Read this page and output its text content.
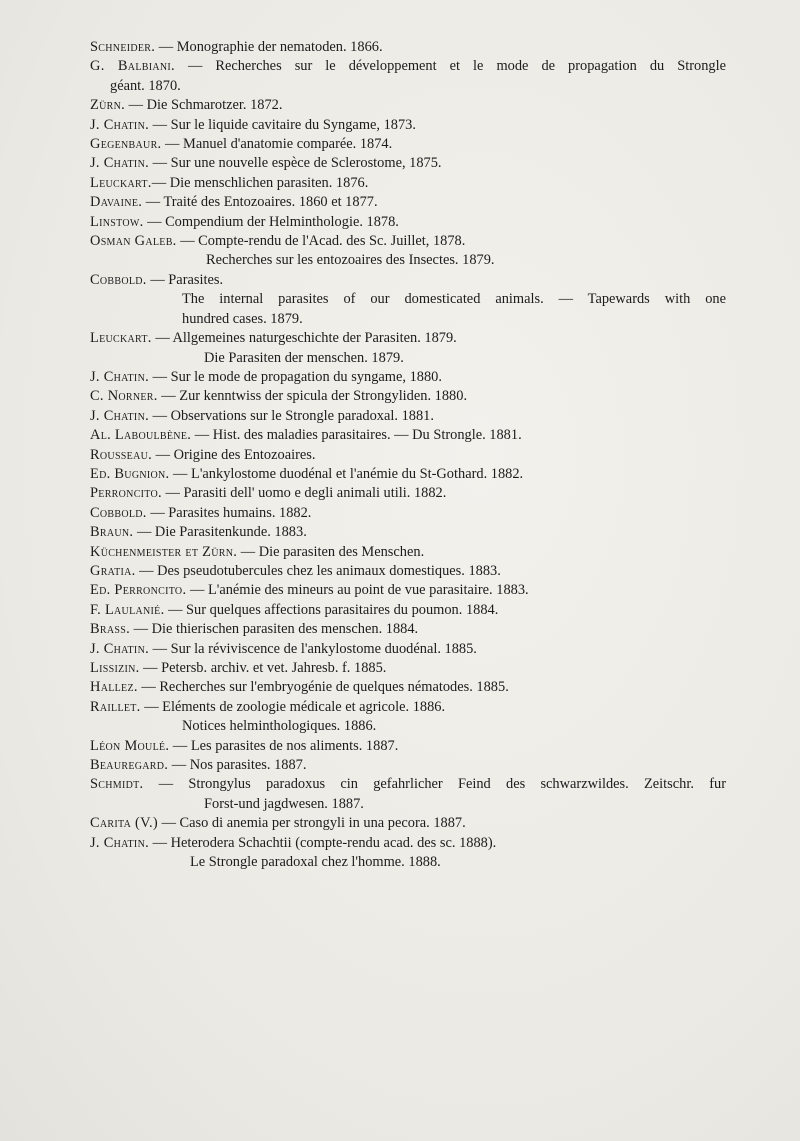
Schneider. — Monographie der nematoden. 1866.

G. Balbiani. — Recherches sur le développement et le mode de propagation du Strongle
géant. 1870.

Zürn. — Die Schmarotzer. 1872.

J. Chatin. — Sur le liquide cavitaire du Syngame, 1873.

Gegenbaur. — Manuel d'anatomie comparée. 1874.

J. Chatin. — Sur une nouvelle espèce de Sclerostome, 1875.

Leuckart.— Die menschlichen parasiten. 1876.

Davaine. — Traité des Entozoaires. 1860 et 1877.

Linstow. — Compendium der Helminthologie. 1878.

Osman Galeb. — Compte-rendu de l'Acad. des Sc. Juillet, 1878.
Recherches sur les entozoaires des Insectes. 1879.

Cobbold. — Parasites.
The internal parasites of our domesticated animals. — Tapewards with one
hundred cases. 1879.

Leuckart. — Allgemeines naturgeschichte der Parasiten. 1879.
Die Parasiten der menschen. 1879.

J. Chatin. — Sur le mode de propagation du syngame, 1880.

C. Norner. — Zur kenntwiss der spicula der Strongyliden. 1880.

J. Chatin. — Observations sur le Strongle paradoxal. 1881.

Al. Laboulbène. — Hist. des maladies parasitaires. — Du Strongle. 1881.

Rousseau. — Origine des Entozoaires.

Ed. Bugnion. — L'ankylostome duodénal et l'anémie du St-Gothard. 1882.

Perroncito. — Parasiti dell' uomo e degli animali utili. 1882.

Cobbold. — Parasites humains. 1882.

Braun. — Die Parasitenkunde. 1883.

Küchenmeister et Zürn. — Die parasiten des Menschen.

Gratia. — Des pseudotubercules chez les animaux domestiques. 1883.

Ed. Perroncito. — L'anémie des mineurs au point de vue parasitaire. 1883.

F. Laulanié. — Sur quelques affections parasitaires du poumon. 1884.

Brass. — Die thierischen parasiten des menschen. 1884.

J. Chatin. — Sur la réviviscence de l'ankylostome duodénal. 1885.

Lissizin. — Petersb. archiv. et vet. Jahresb. f. 1885.

Hallez. — Recherches sur l'embryogénie de quelques nématodes. 1885.

Raillet. — Eléments de zoologie médicale et agricole. 1886.
Notices helminthologiques. 1886.

Léon Moulé. — Les parasites de nos aliments. 1887.

Beauregard. — Nos parasites. 1887.

Schmidt. — Strongylus paradoxus cin gefahrlicher Feind des schwarzwildes. Zeitschr. fur
Forst-und jagdwesen. 1887.

Carita (V.) — Caso di anemia per strongyli in una pecora. 1887.

J. Chatin. — Heterodera Schachtii (compte-rendu acad. des sc. 1888).
Le Strongle paradoxal chez l'homme. 1888.
